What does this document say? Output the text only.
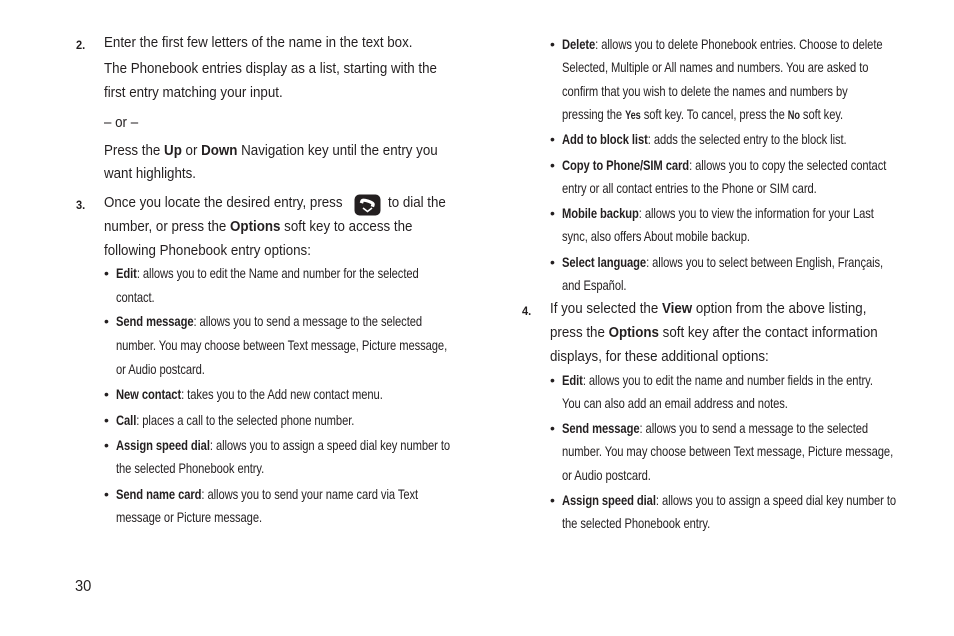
2. Enter the first few letters of the name in the text box.
The Phonebook entries display as a list, starting with the
first entry matching your input.
– or –
Press the Up or Down Navigation key until the entry you
want highlights.
3. Once you locate the desired entry, press	to dial the
number, or press the Options soft key to access the
following Phonebook entry options:
• Edit: allows you to edit the Name and number for the selected
contact.
• Send message: allows you to send a message to the selected
number. You may choose between Text message, Picture message,
or Audio postcard.
• New contact: takes you to the Add new contact menu.
• Call: places a call to the selected phone number.
• Assign speed dial: allows you to assign a speed dial key number to
the selected Phonebook entry.
• Send name card: allows you to send your name card via Text
message or Picture message.
• Delete: allows you to delete Phonebook entries. Choose to delete
Selected, Multiple or All names and numbers. You are asked to
confirm that you wish to delete the names and numbers by
pressing the Yes soft key. To cancel, press the No soft key.
• Add to block list: adds the selected entry to the block list.
• Copy to Phone/SIM card: allows you to copy the selected contact
entry or all contact entries to the Phone or SIM card.
• Mobile backup: allows you to view the information for your Last
sync, also offers About mobile backup.
• Select language: allows you to select between English, Français,
and Español.
4. If you selected the View option from the above listing,
press the Options soft key after the contact information
displays, for these additional options:
• Edit: allows you to edit the name and number fields in the entry.
You can also add an email address and notes.
• Send message: allows you to send a message to the selected
number. You may choose between Text message, Picture message,
or Audio postcard.
• Assign speed dial: allows you to assign a speed dial key number to
the selected Phonebook entry.
30
